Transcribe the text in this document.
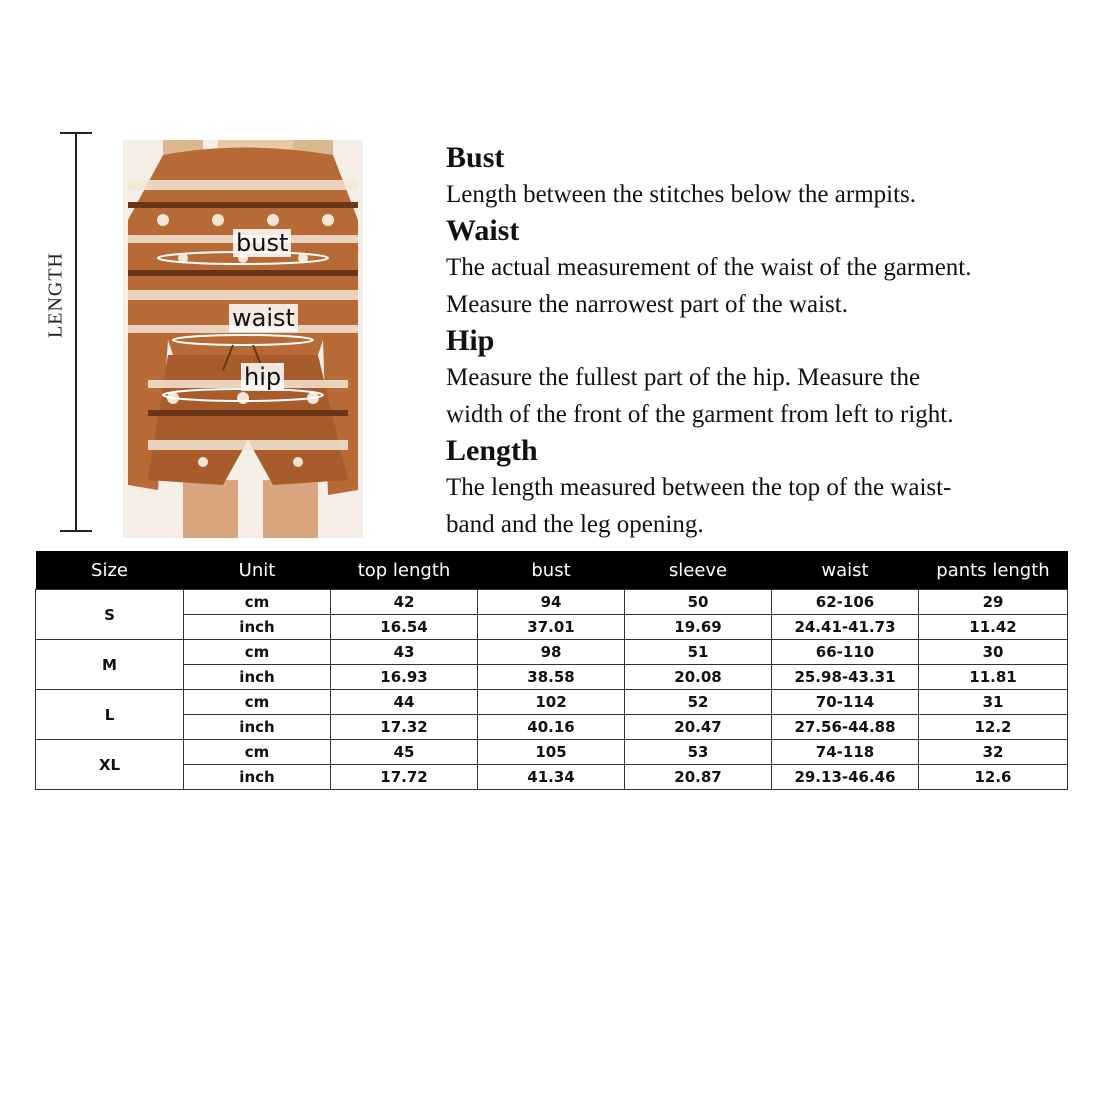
LENGTH
bust
waist
hip
Bust

Length between the stitches below the armpits.

Waist

The actual measurement of the waist of the garment.

Measure the narrowest part of the waist.

Hip

Measure the fullest part of the hip. Measure the

width of the front of the garment from left to right.

Length

The length measured between the top of the waist-

band and the leg opening.

Size	Unit	top length	bust	sleeve	waist	pants length
S	cm	42	94	50	62-106	29
	inch	16.54	37.01	19.69	24.41-41.73	11.42
M	cm	43	98	51	66-110	30
	inch	16.93	38.58	20.08	25.98-43.31	11.81
L	cm	44	102	52	70-114	31
	inch	17.32	40.16	20.47	27.56-44.88	12.2
XL	cm	45	105	53	74-118	32
	inch	17.72	41.34	20.87	29.13-46.46	12.6
